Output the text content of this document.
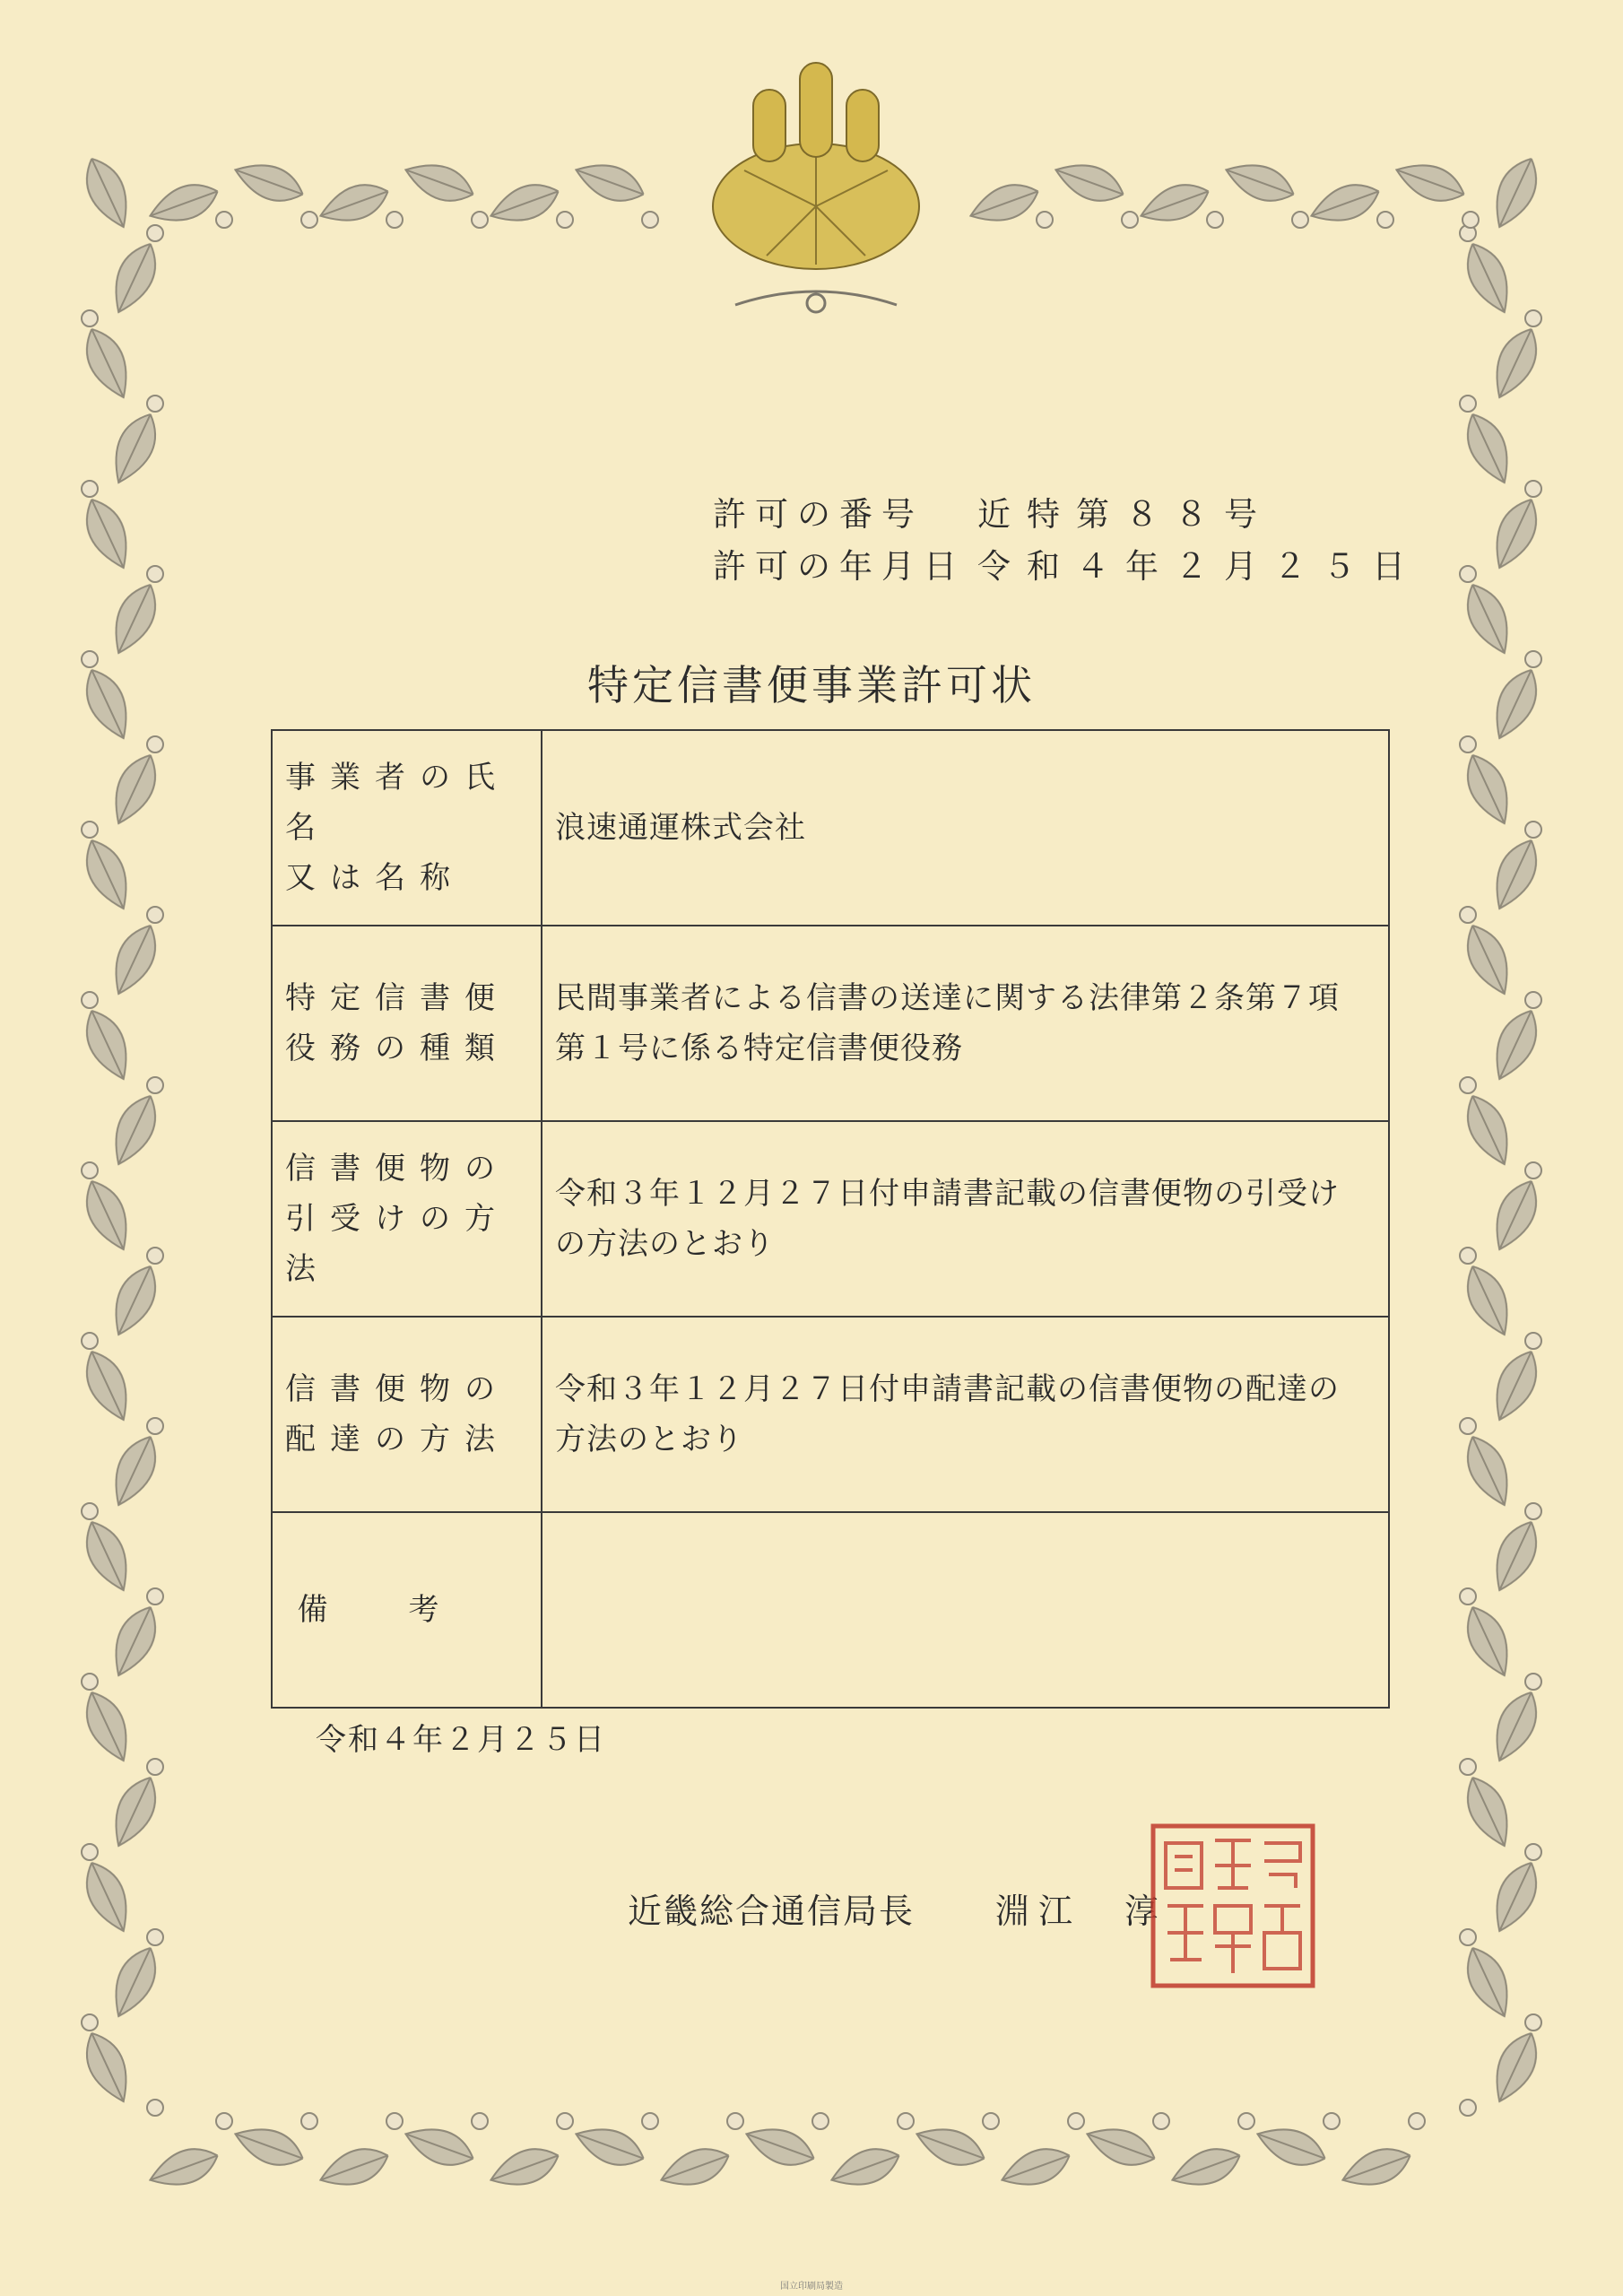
許可の番号	近特第８８号
許可の年月日 令和４年２月２５日
特定信書便事業許可状
事業者の氏名
又は名称	浪速通運株式会社
特定信書便
役務の種類	民間事業者による信書の送達に関する法律第２条第７項第１号に係る特定信書便役務
信書便物の
引受けの方法	令和３年１２月２７日付申請書記載の信書便物の引受けの方法のとおり
信書便物の
配達の方法	令和３年１２月２７日付申請書記載の信書便物の配達の方法のとおり
備考	
令和４年２月２５日
近畿総合通信局長 淵江　淳
国立印刷局製造
